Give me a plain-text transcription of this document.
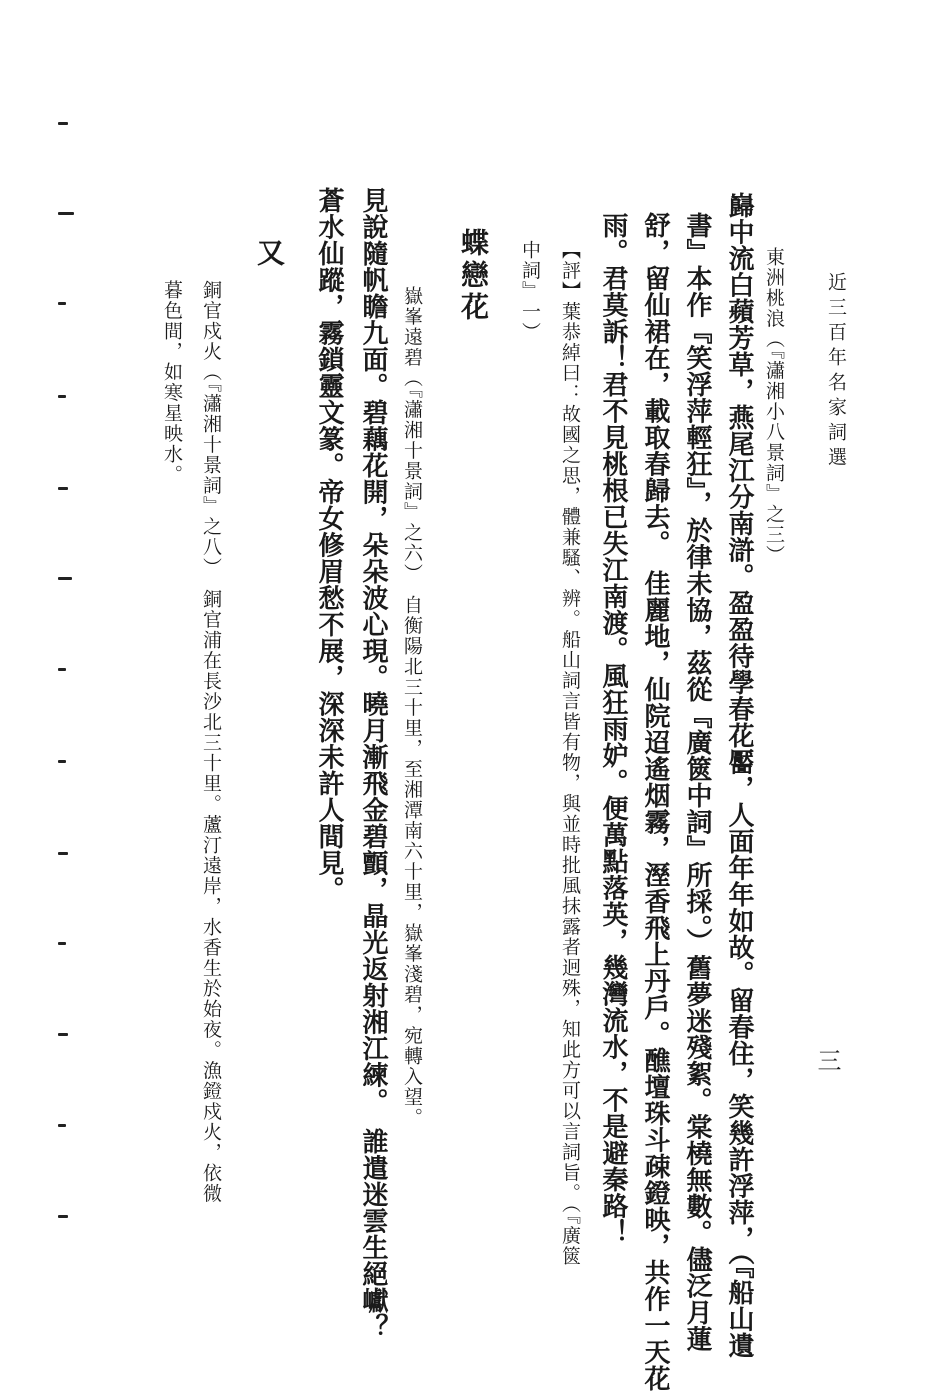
近三百年名家詞選
三
東洲桃浪（『瀟湘小八景詞』之三）
巋中流白蘋芳草，燕尾江分南滸。盈盈待學春花靨，人面年年如故。留春住，笑幾許浮萍，（『船山遺
書』本作『笑浮萍輕狂』，於律未協，茲從『廣篋中詞』所採。）舊夢迷殘絮。棠橈無數。儘泛月蓮
舒，留仙裙在，載取春歸去。　佳麗地，仙院迢遙烟霧，溼香飛上丹戶。醮壇珠斗疎鐙映，共作一天花
雨。君莫訴！君不見桃根已失江南渡。風狂雨妒。便萬點落英，幾灣流水，不是避秦路！
【評】葉恭綽曰：故國之思，體兼騷、辨。船山詞言皆有物，與並時批風抹露者迥殊，知此方可以言詞旨。（『廣篋
中詞』一）
蝶戀花
嶽峯遠碧（『瀟湘十景詞』之六）　自衡陽北三十里，至湘潭南六十里，嶽峯淺碧，宛轉入望。
見說隨帆瞻九面。碧藕花開，朵朵波心現。曉月漸飛金碧顫，晶光返射湘江練。　誰遣迷雲生絕巘？
蒼水仙蹤，霧鎖靈文篆。帝女修眉愁不展，深深未許人間見。
又
銅官戍火（『瀟湘十景詞』之八）　銅官浦在長沙北三十里。蘆汀遠岸，水香生於始夜。漁鐙戍火，依微
暮色間，如寒星映水。
